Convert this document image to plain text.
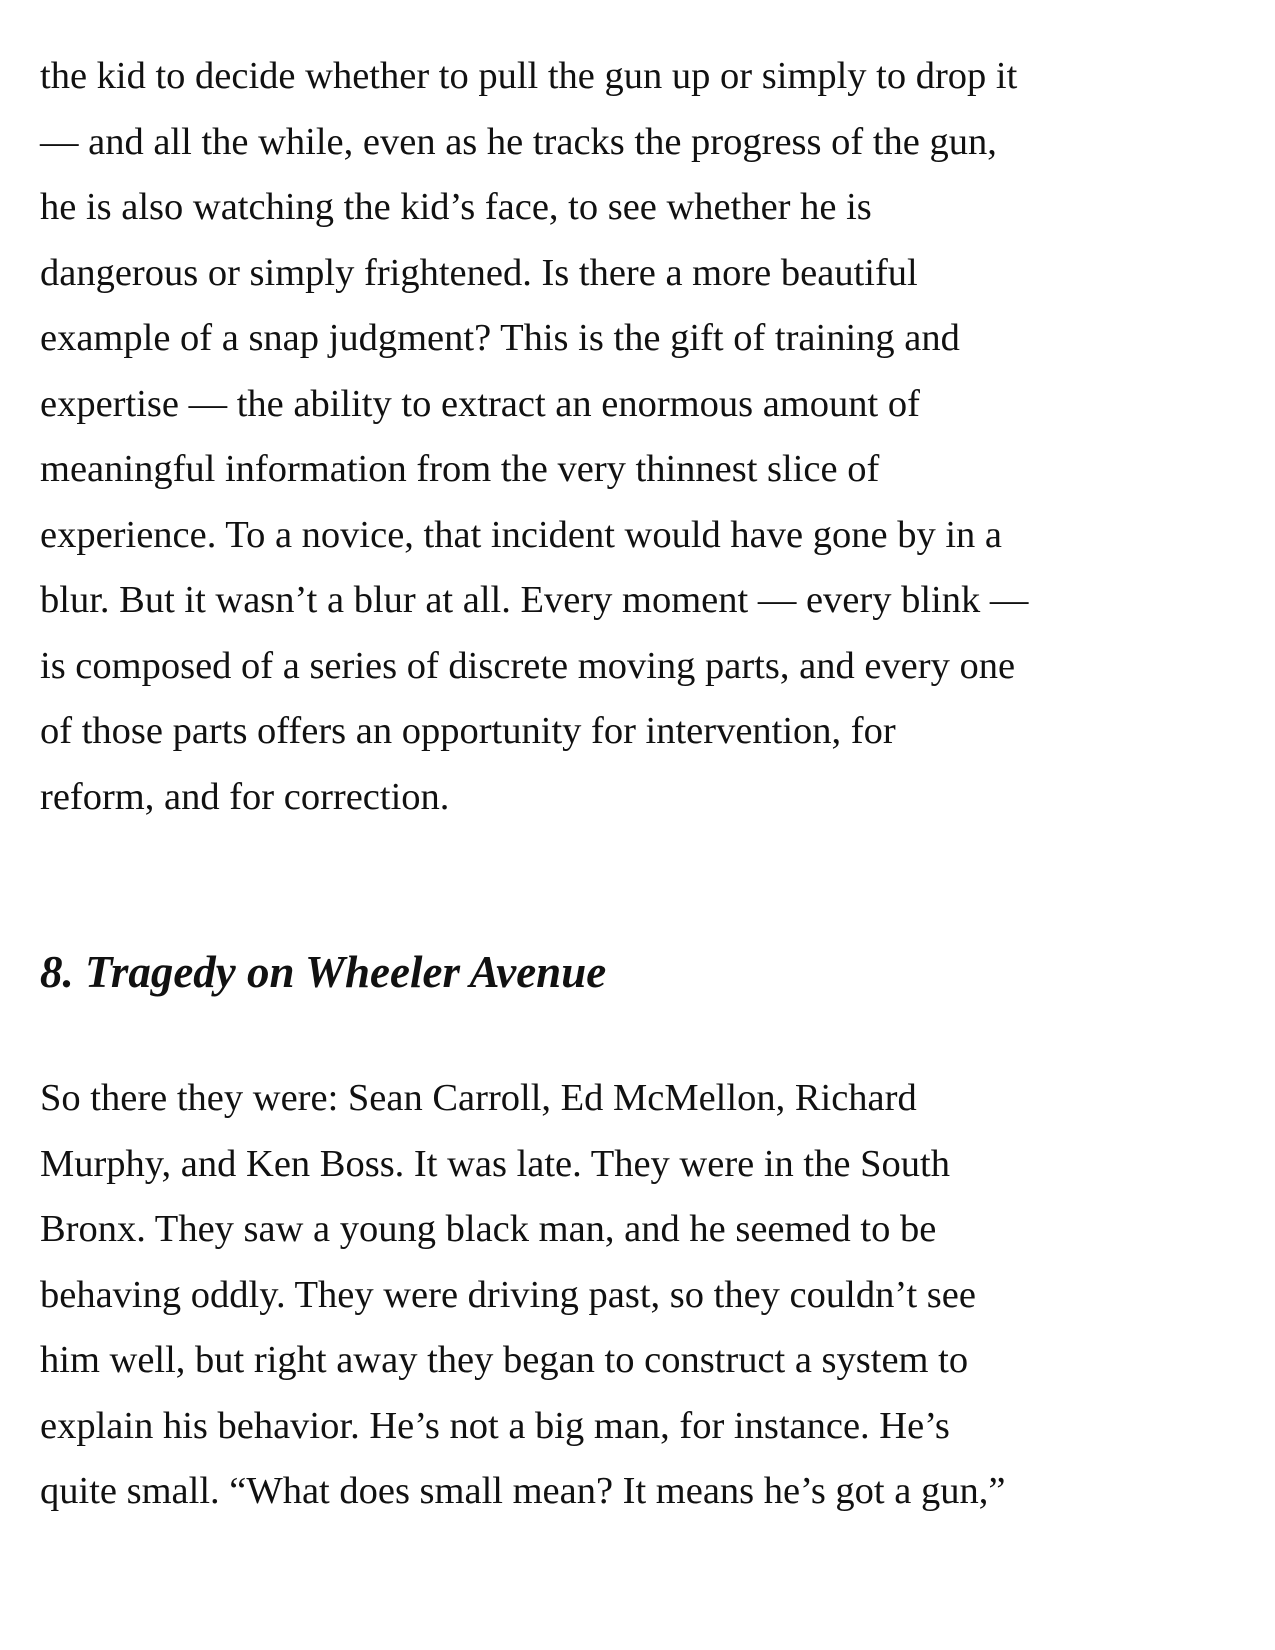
the kid to decide whether to pull the gun up or simply to drop it
— and all the while, even as he tracks the progress of the gun,
he is also watching the kid’s face, to see whether he is
dangerous or simply frightened. Is there a more beautiful
example of a snap judgment? This is the gift of training and
expertise — the ability to extract an enormous amount of
meaningful information from the very thinnest slice of
experience. To a novice, that incident would have gone by in a
blur. But it wasn’t a blur at all. Every moment — every blink —
is composed of a series of discrete moving parts, and every one
of those parts offers an opportunity for intervention, for
reform, and for correction.
8. Tragedy on Wheeler Avenue
So there they were: Sean Carroll, Ed McMellon, Richard
Murphy, and Ken Boss. It was late. They were in the South
Bronx. They saw a young black man, and he seemed to be
behaving oddly. They were driving past, so they couldn’t see
him well, but right away they began to construct a system to
explain his behavior. He’s not a big man, for instance. He’s
quite small. “What does small mean? It means he’s got a gun,”
